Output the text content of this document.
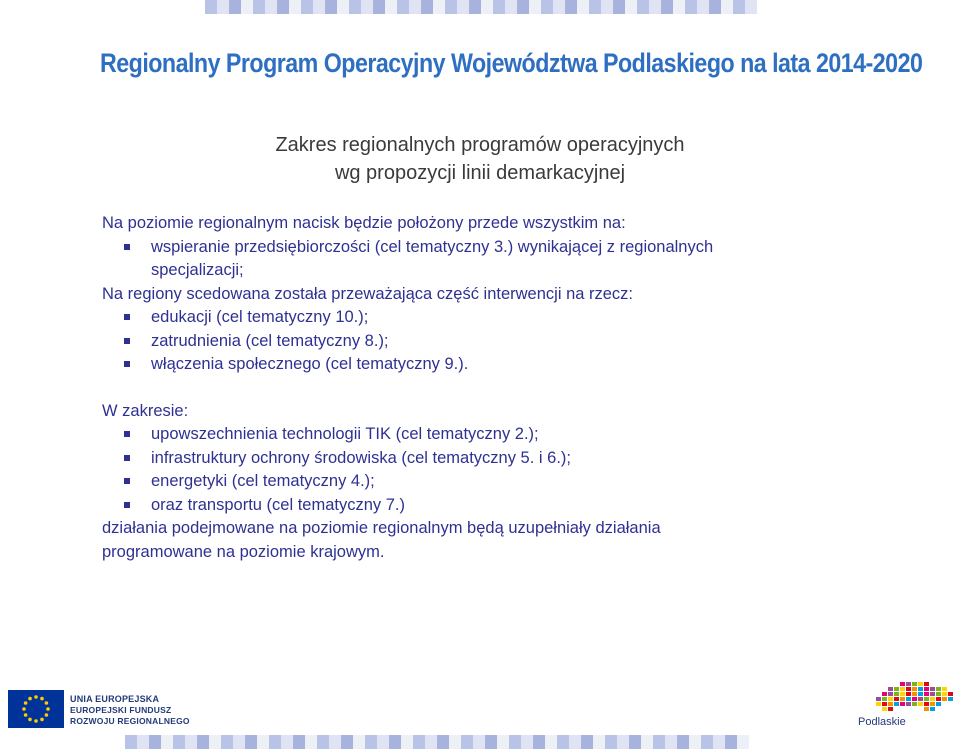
Regionalny Program Operacyjny Województwa Podlaskiego na lata 2014-2020
Zakres regionalnych programów operacyjnych
wg propozycji linii demarkacyjnej
Na poziomie regionalnym nacisk będzie położony przede wszystkim na:
wspieranie przedsiębiorczości (cel tematyczny 3.) wynikającej z regionalnych
specjalizacji;
Na regiony scedowana została przeważająca część interwencji na rzecz:
edukacji (cel tematyczny 10.);
zatrudnienia (cel tematyczny 8.);
włączenia społecznego (cel tematyczny 9.).
W zakresie:
upowszechnienia technologii TIK (cel tematyczny 2.);
infrastruktury ochrony środowiska (cel tematyczny 5. i 6.);
energetyki (cel tematyczny 4.);
oraz transportu (cel tematyczny 7.)
działania podejmowane na poziomie regionalnym będą uzupełniały działania
programowane na poziomie krajowym.
UNIA EUROPEJSKA
EUROPEJSKI FUNDUSZ
ROZWOJU REGIONALNEGO	Podlaskie
